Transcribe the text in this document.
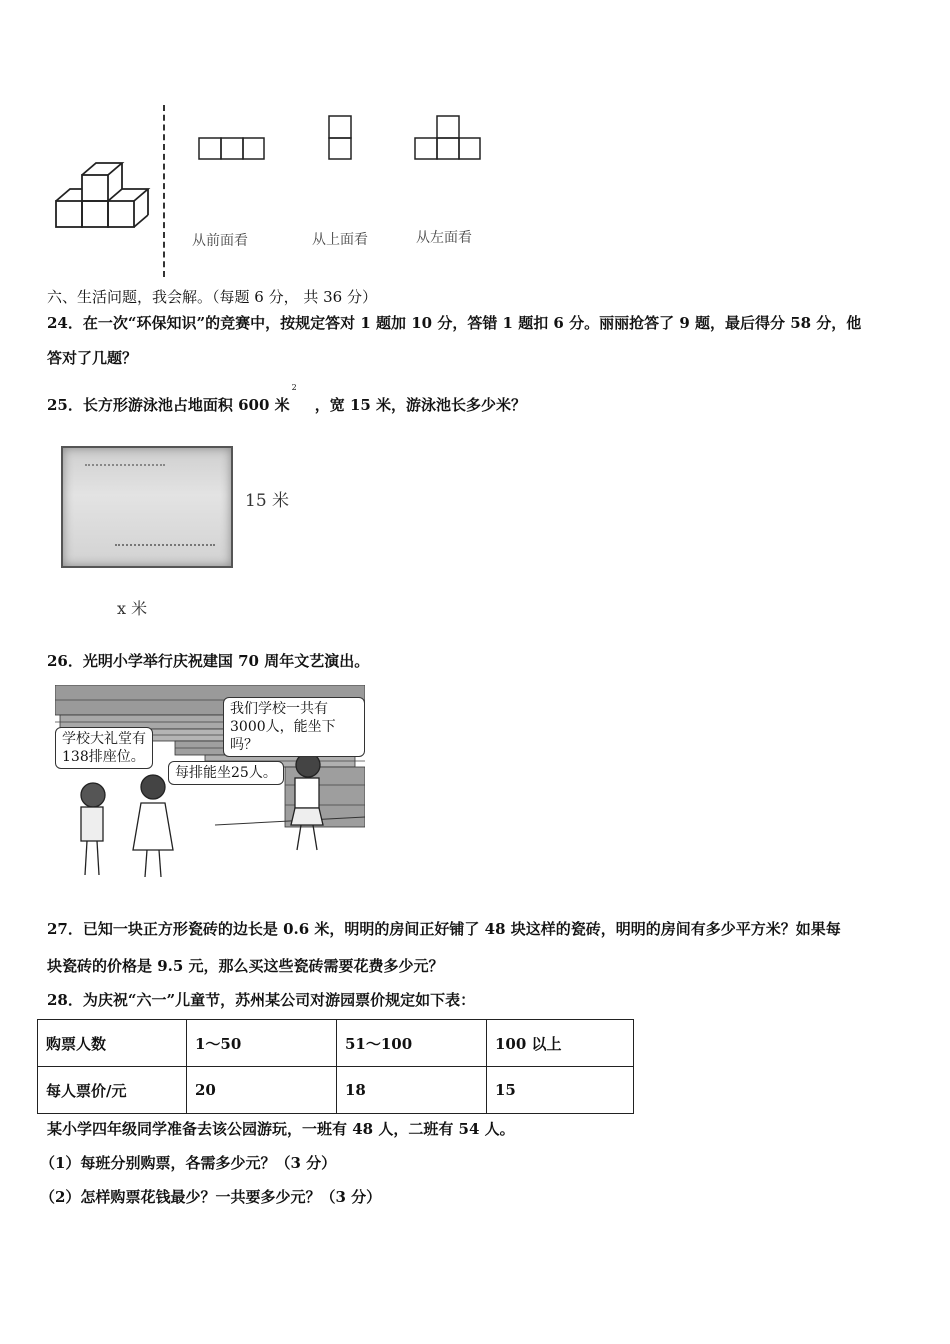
从前面看	从上面看	从左面看
六、生活问题，我会解。（每题 6 分， 共 36 分）
24．在一次“环保知识”的竞赛中，按规定答对 1 题加 10 分，答错 1 题扣 6 分。丽丽抢答了 9 题，最后得分 58 分，他
答对了几题？
25．长方形游泳池占地面积 600 米$^2$，宽 15 米，游泳池长多少米？
15 米
x 米
26．光明小学举行庆祝建国 70 周年文艺演出。
学校大礼堂有
138排座位。
每排能坐25人。
我们学校一共有
3000人，能坐下吗？
27．已知一块正方形瓷砖的边长是 0.6 米，明明的房间正好铺了 48 块这样的瓷砖，明明的房间有多少平方米？如果每
块瓷砖的价格是 9.5 元，那么买这些瓷砖需要花费多少元？
28．为庆祝“六一”儿童节，苏州某公司对游园票价规定如下表：
购票人数	1～50	51～100	100 以上
每人票价/元	20	18	15
某小学四年级同学准备去该公园游玩，一班有 48 人，二班有 54 人。
（1）每班分别购票，各需多少元？（3 分）
（2）怎样购票花钱最少？一共要多少元？（3 分）
